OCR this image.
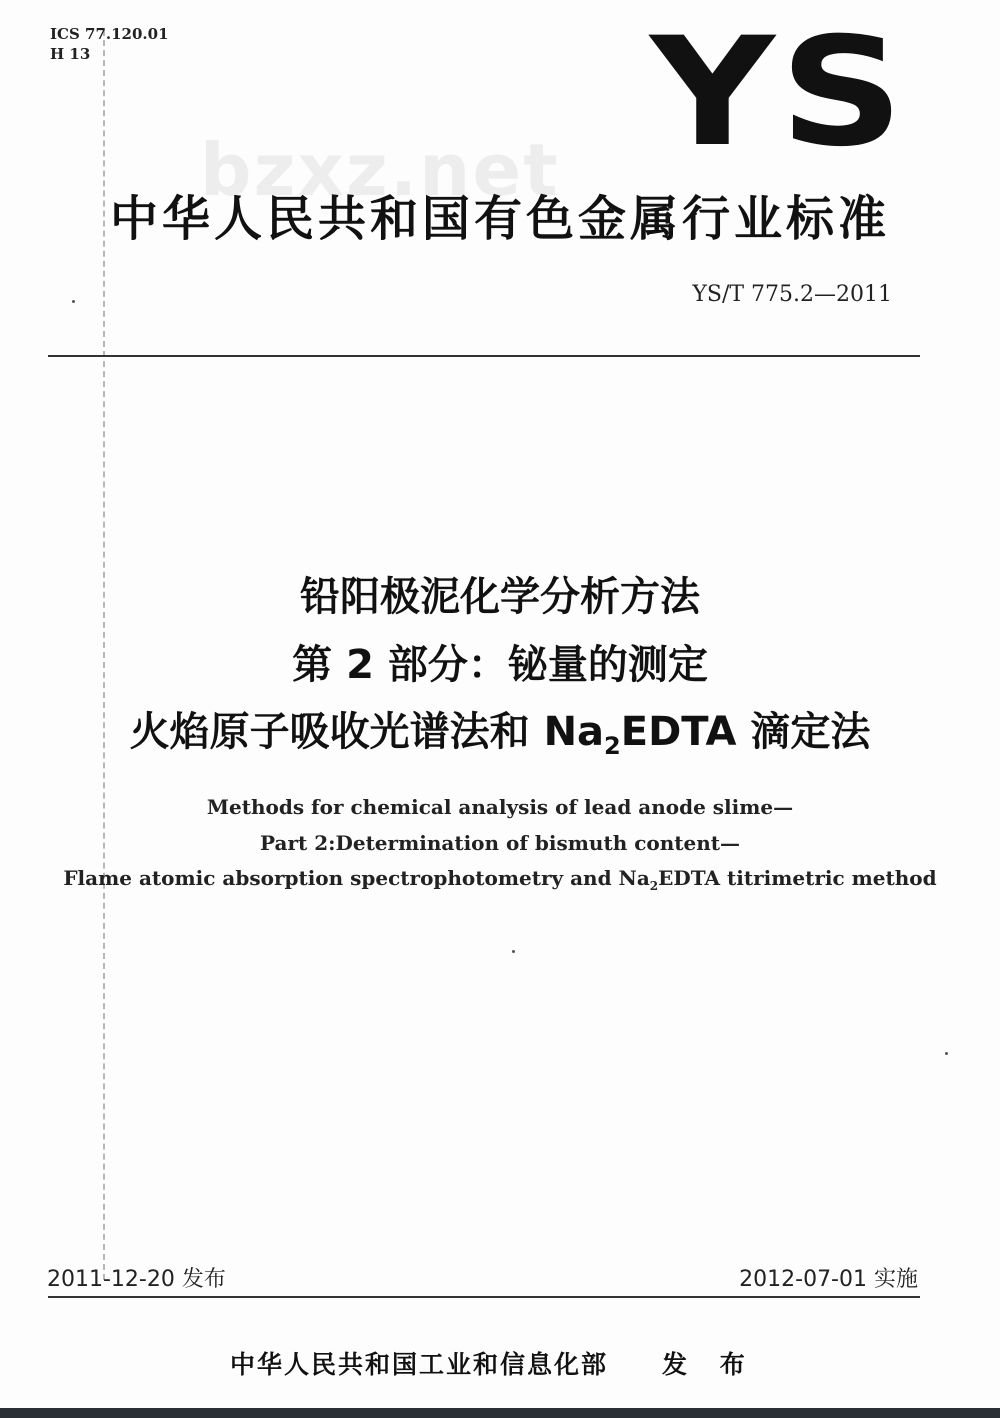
ICS 77.120.01
H 13	YS
bzxz.net
中华人民共和国有色金属行业标准
YS/T 775.2—2011
铅阳极泥化学分析方法
第 2 部分：铋量的测定
火焰原子吸收光谱法和 $Na_2EDTA$ 滴定法
Methods for chemical analysis of lead anode slime—
Part 2:Determination of bismuth content—
Flame atomic absorption spectrophotometry and $Na_2EDTA$ titrimetric method
2011-12-20 发布	2012-07-01 实施
中华人民共和国工业和信息化部 发 布
